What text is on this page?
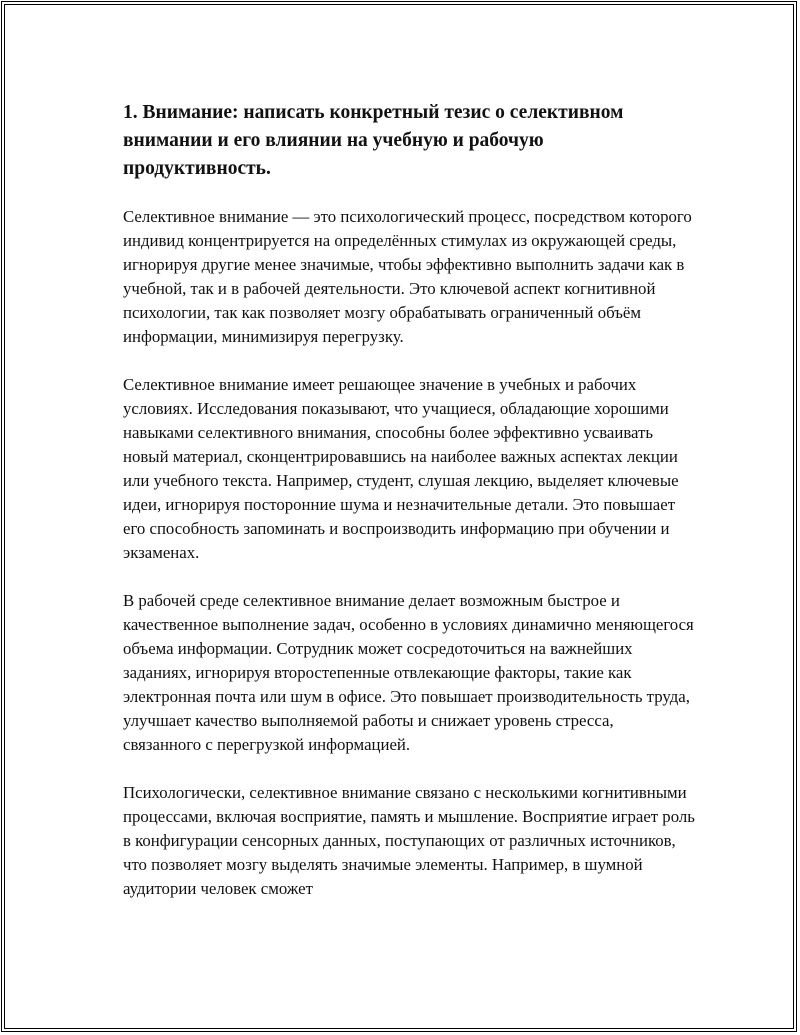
1. Внимание: написать конкретный тезис о селективном внимании и его влиянии на учебную и рабочую продуктивность.

Селективное внимание — это психологический процесс, посредством которого индивид концентрируется на определённых стимулах из окружающей среды, игнорируя другие менее значимые, чтобы эффективно выполнить задачи как в учебной, так и в рабочей деятельности. Это ключевой аспект когнитивной психологии, так как позволяет мозгу обрабатывать ограниченный объём информации, минимизируя перегрузку.

Селективное внимание имеет решающее значение в учебных и рабочих условиях. Исследования показывают, что учащиеся, обладающие хорошими навыками селективного внимания, способны более эффективно усваивать новый материал, сконцентрировавшись на наиболее важных аспектах лекции или учебного текста. Например, студент, слушая лекцию, выделяет ключевые идеи, игнорируя посторонние шума и незначительные детали. Это повышает его способность запоминать и воспроизводить информацию при обучении и экзаменах.

В рабочей среде селективное внимание делает возможным быстрое и качественное выполнение задач, особенно в условиях динамично меняющегося объема информации. Сотрудник может сосредоточиться на важнейших заданиях, игнорируя второстепенные отвлекающие факторы, такие как электронная почта или шум в офисе. Это повышает производительность труда, улучшает качество выполняемой работы и снижает уровень стресса, связанного с перегрузкой информацией.

Психологически, селективное внимание связано с несколькими когнитивными процессами, включая восприятие, память и мышление. Восприятие играет роль в конфигурации сенсорных данных, поступающих от различных источников, что позволяет мозгу выделять значимые элементы. Например, в шумной аудитории человек сможет
